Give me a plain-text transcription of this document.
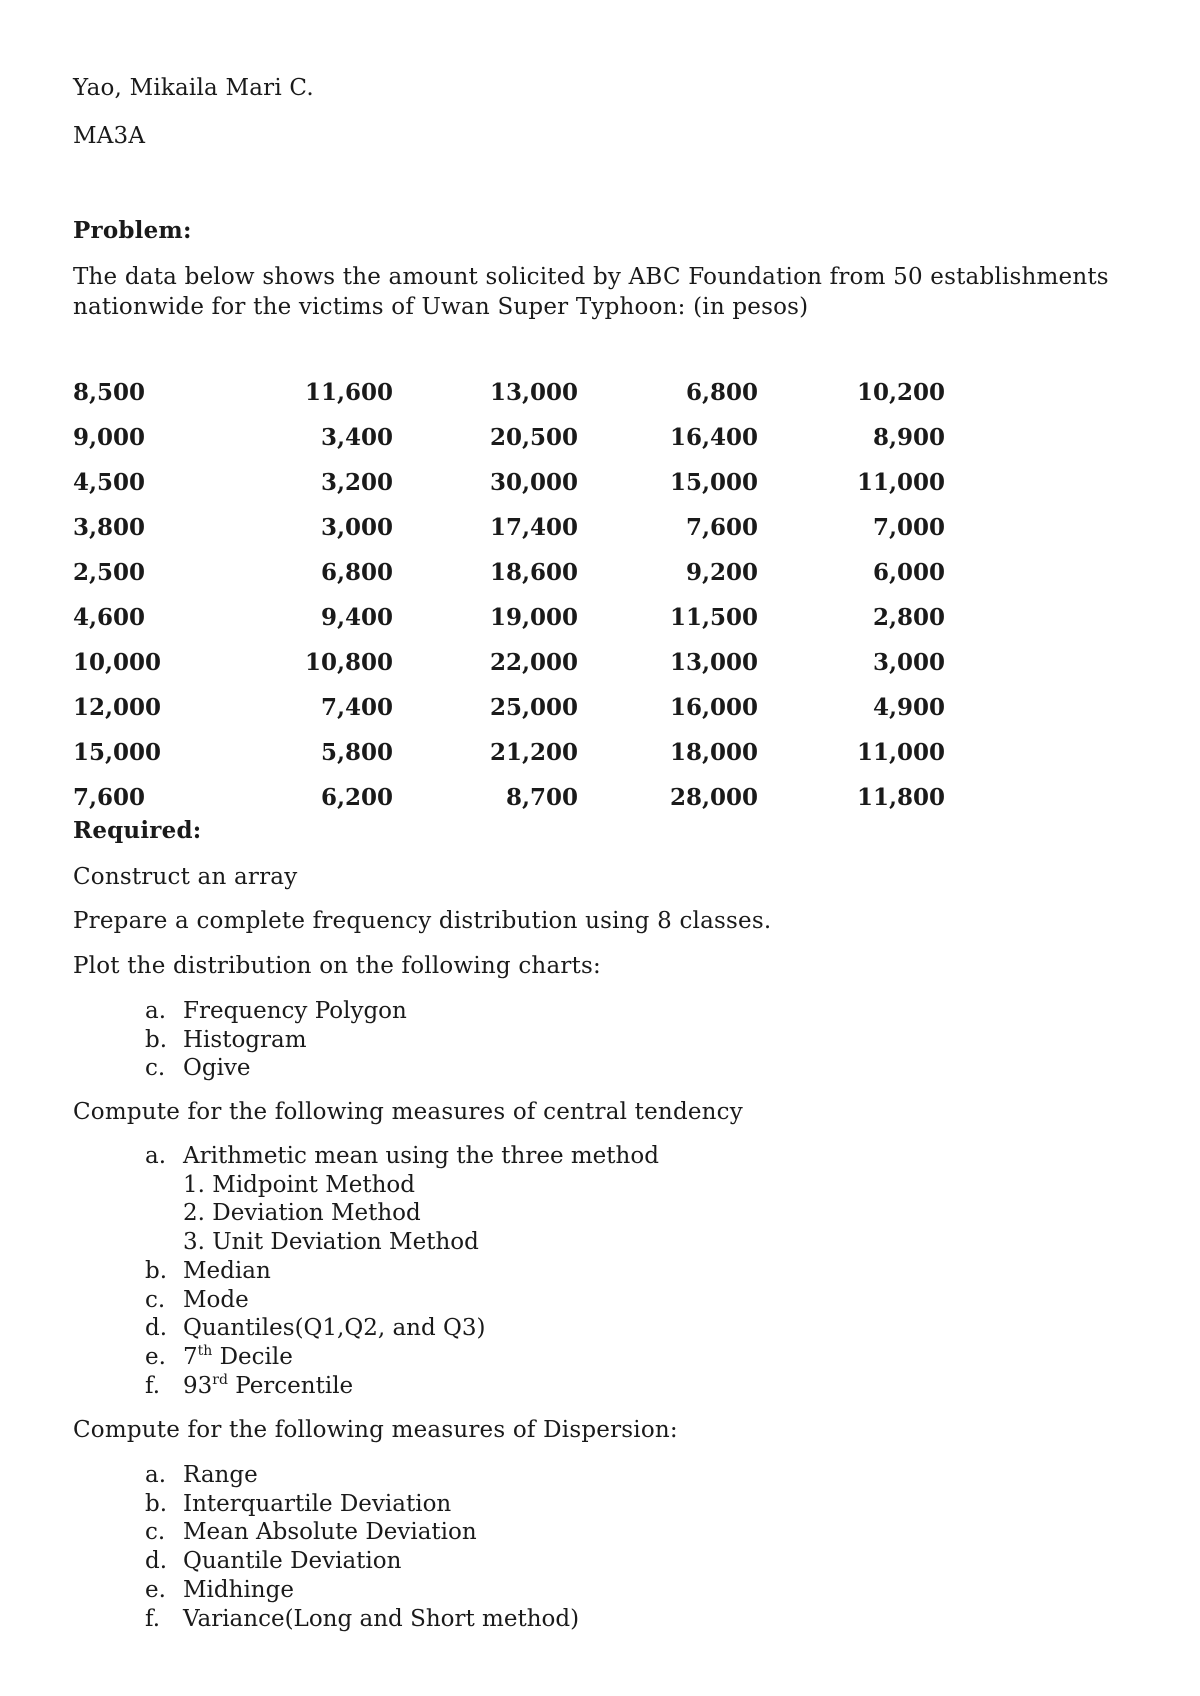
Yao, Mikaila Mari C.
MA3A
Problem:
The data below shows the amount solicited by ABC Foundation from 50 establishments
nationwide for the victims of Uwan Super Typhoon: (in pesos)
8,500	11,600	13,000	6,800	10,200
9,000	3,400	20,500	16,400	8,900
4,500	3,200	30,000	15,000	11,000
3,800	3,000	17,400	7,600	7,000
2,500	6,800	18,600	9,200	6,000
4,600	9,400	19,000	11,500	2,800
10,000	10,800	22,000	13,000	3,000
12,000	7,400	25,000	16,000	4,900
15,000	5,800	21,200	18,000	11,000
7,600	6,200	8,700	28,000	11,800
Required:
Construct an array
Prepare a complete frequency distribution using 8 classes.
Plot the distribution on the following charts:
a. Frequency Polygon
b. Histogram
c. Ogive
Compute for the following measures of central tendency
a. Arithmetic mean using the three method
1. Midpoint Method
2. Deviation Method
3. Unit Deviation Method
b. Median
c. Mode
d. Quantiles(Q1,Q2, and Q3)
e. 7th Decile
f. 93rd Percentile
Compute for the following measures of Dispersion:
a. Range
b. Interquartile Deviation
c. Mean Absolute Deviation
d. Quantile Deviation
e. Midhinge
f. Variance(Long and Short method)
